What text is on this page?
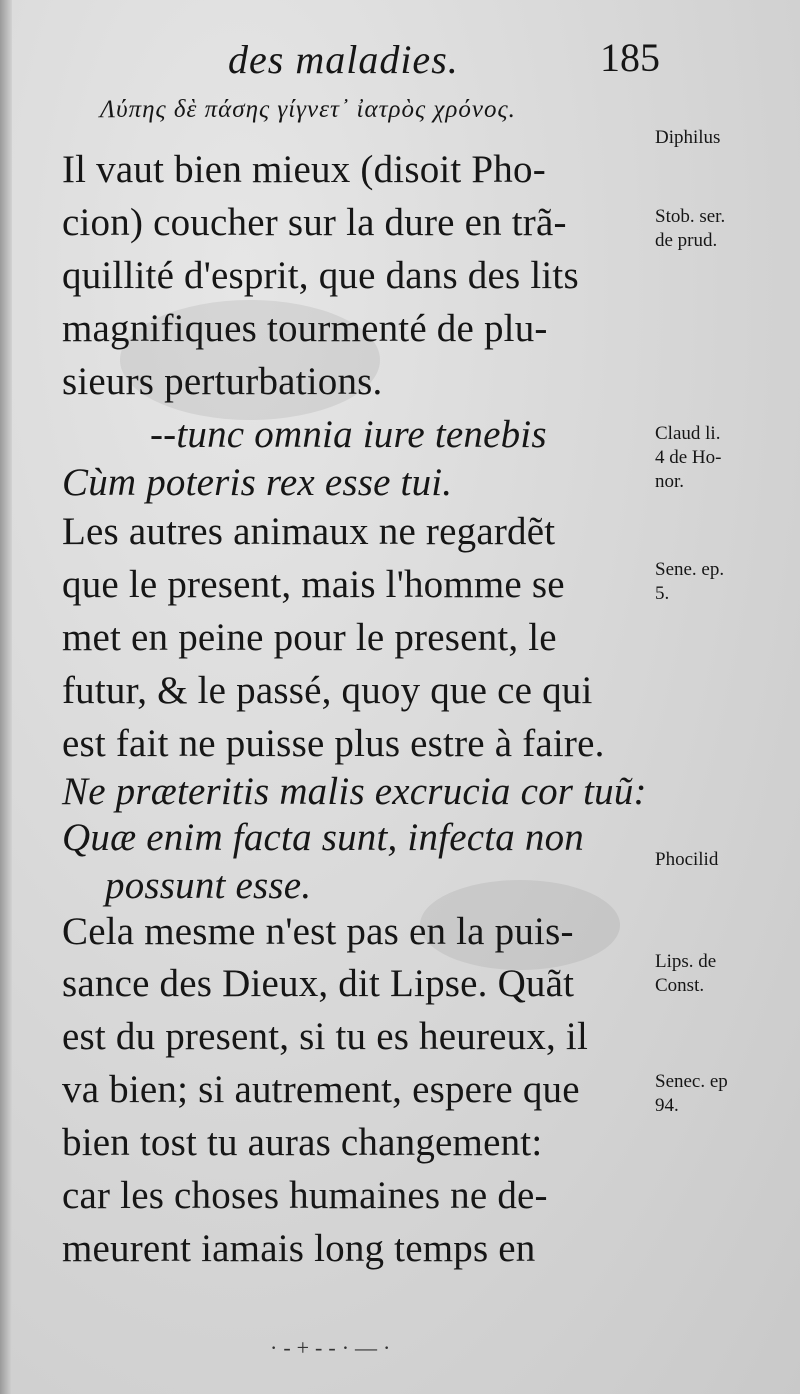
des maladies.	185
Λύπης δὲ πάσης γίγνετ᾽ ἰατρὸς χρόνος.
Il vaut bien mieux (disoit Pho-
cion) coucher sur la dure en trã-
quillité d'esprit, que dans des lits
magnifiques tourmenté de plu-
sieurs perturbations.
--tunc omnia iure tenebis
Cùm poteris rex esse tui.
Les autres animaux ne regardẽt
que le present, mais l'homme se
met en peine pour le present, le
futur, & le passé, quoy que ce qui
est fait ne puisse plus estre à faire.
Ne præteritis malis excrucia cor tuũ:
Quæ enim facta sunt, infecta non
possunt esse.
Cela mesme n'est pas en la puis-
sance des Dieux, dit Lipse. Quãt
est du present, si tu es heureux, il
va bien; si autrement, espere que
bien tost tu auras changement:
car les choses humaines ne de-
meurent iamais long temps en
Diphilus
Stob. ser.
de prud.
Claud li.
4 de Ho-
nor.
Sene. ep.
5.
Phocilid
Lips. de
Const.
Senec. ep
94.
·-+--·—·
